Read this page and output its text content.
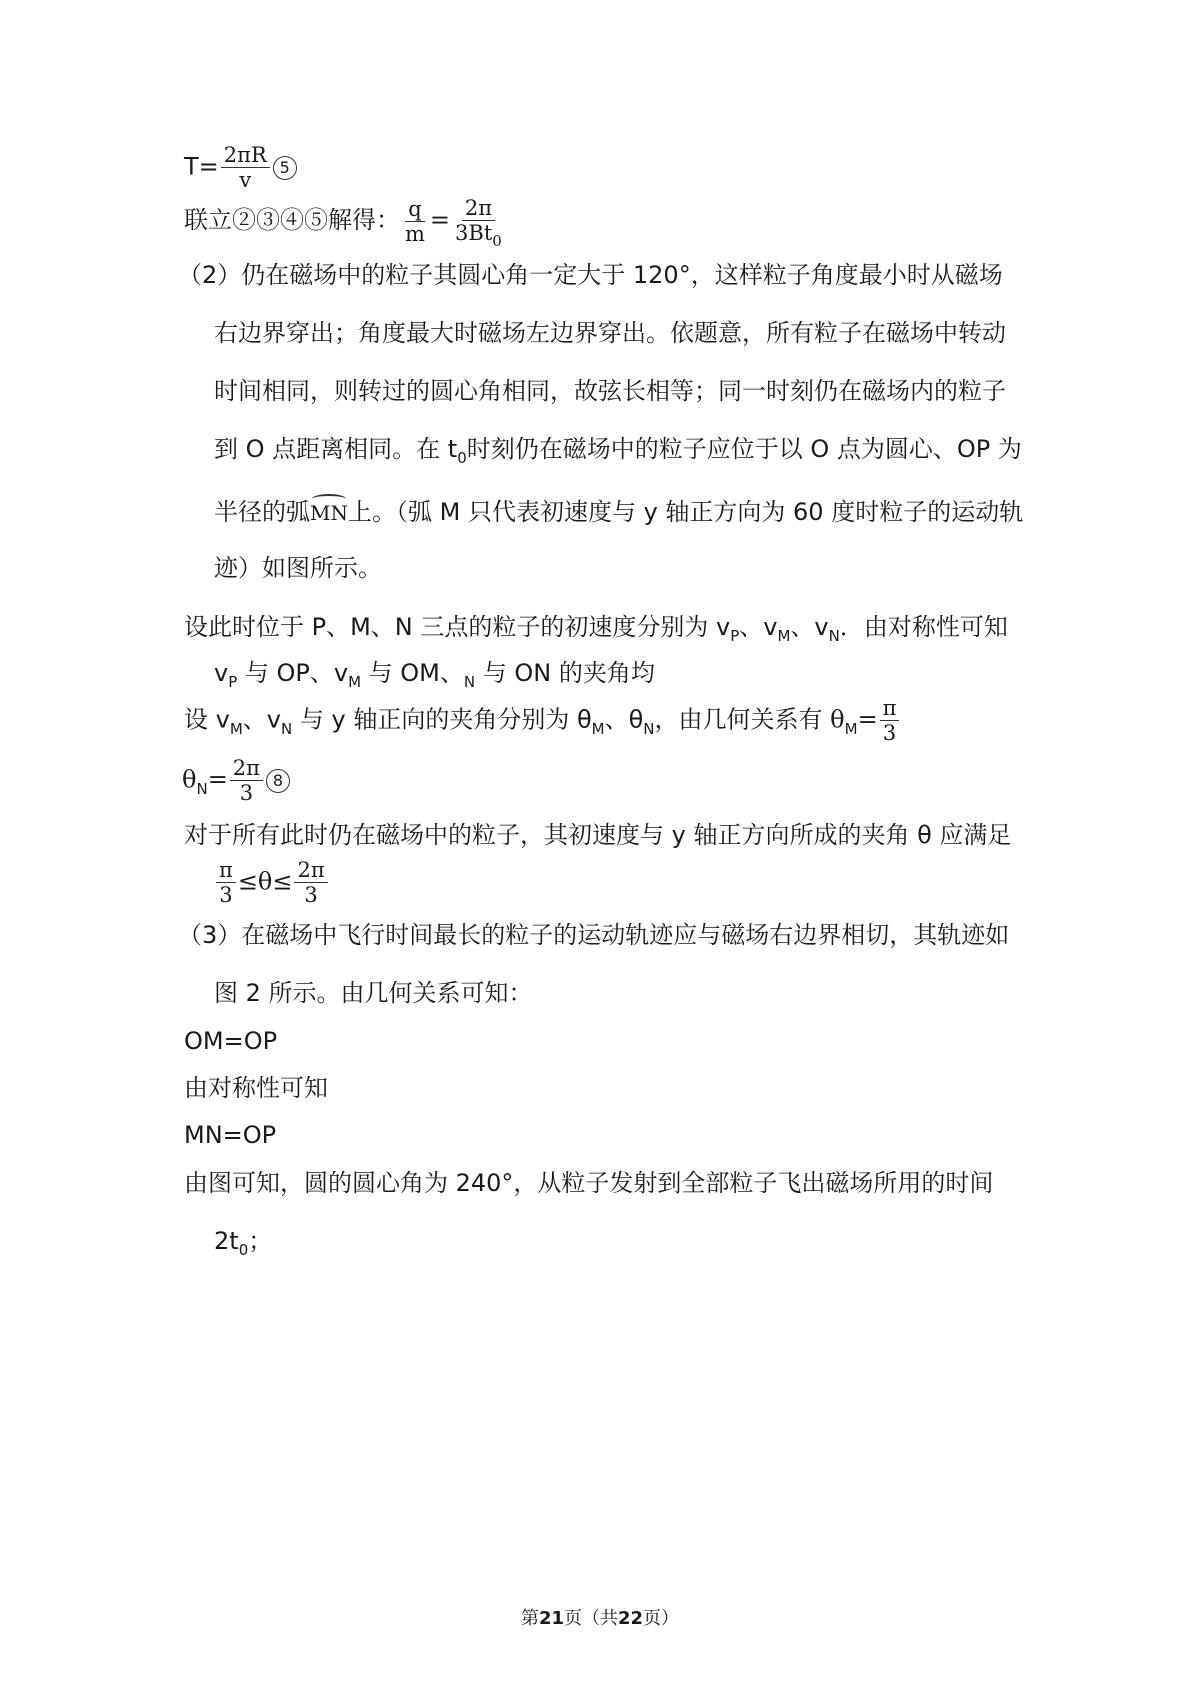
$T= \frac{2\pi R}{v} 5$
联立②③④⑤解得： $\frac{q}{m} = \frac{2\pi}{3Bt_0}$
（2）仍在磁场中的粒子其圆心角一定大于 120°，这样粒子角度最小时从磁场
右边界穿出；角度最大时磁场左边界穿出。依题意，所有粒子在磁场中转动
时间相同，则转过的圆心角相同，故弦长相等；同一时刻仍在磁场内的粒子
到 O 点距离相同。在 $t_0$时刻仍在磁场中的粒子应位于以 O 点为圆心、OP 为
半径的弧MN上。（弧 M 只代表初速度与 y 轴正方向为 60 度时粒子的运动轨
迹）如图所示。
设此时位于 P、M、N 三点的粒子的初速度分别为 $v_P$、$v_M$、$v_N$．由对称性可知
$v_P$ 与 OP、$v_M$ 与 OM、$_N$ 与 ON 的夹角均
设 $v_M$、$v_N$ 与 y 轴正向的夹角分别为 $\theta_M$、$\theta_N$，由几何关系有 $\theta_M= \frac{\pi}{3}$
$\theta_N= \frac{2\pi}{3} 8$
对于所有此时仍在磁场中的粒子，其初速度与 y 轴正方向所成的夹角 θ 应满足
$\frac{\pi}{3} \le\theta\le \frac{2\pi}{3}$
（3）在磁场中飞行时间最长的粒子的运动轨迹应与磁场右边界相切，其轨迹如
图 2 所示。由几何关系可知：
OM=OP
由对称性可知
MN=OP
由图可知，圆的圆心角为 240°，从粒子发射到全部粒子飞出磁场所用的时间
$2t_0$；
第21页（共22页）
